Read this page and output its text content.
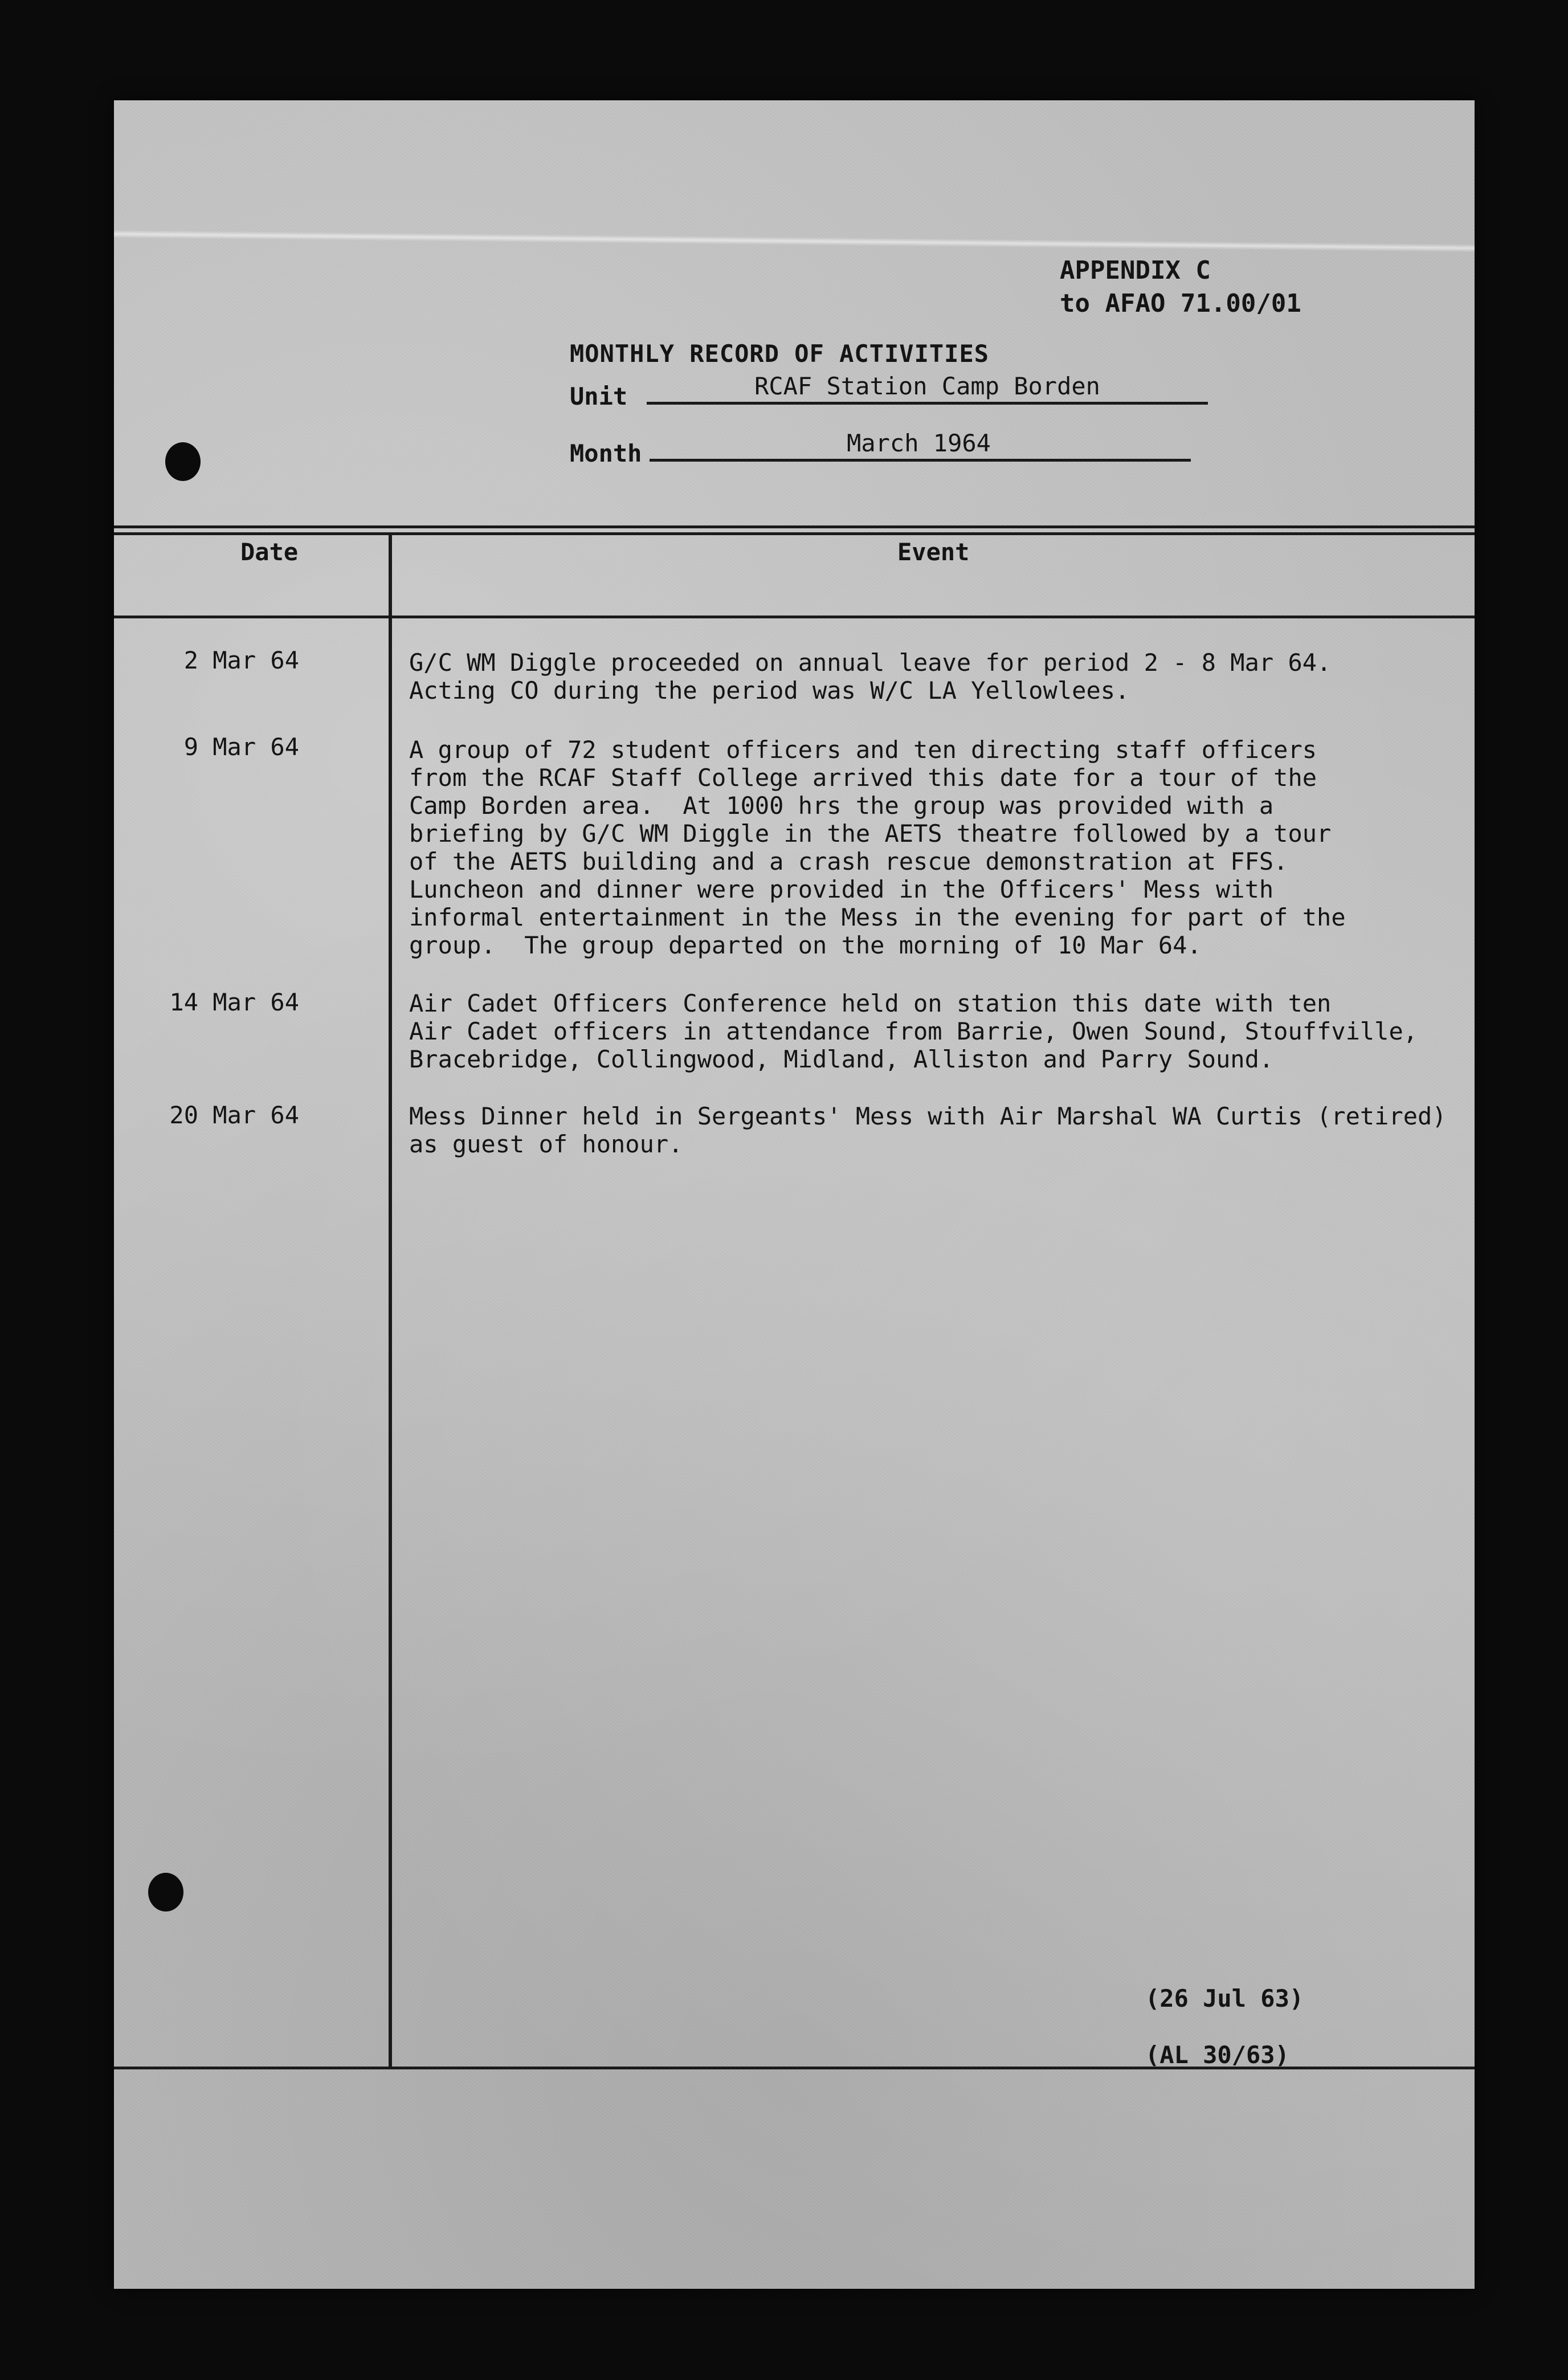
APPENDIX C
to AFAO 71.00/01
MONTHLY RECORD OF ACTIVITIES
Unit	RCAF Station Camp Borden
Month	March 1964
Date	Event
2 Mar 64	G/C WM Diggle proceeded on annual leave for period 2 - 8 Mar 64.
Acting CO during the period was W/C LA Yellowlees.
9 Mar 64	A group of 72 student officers and ten directing staff officers
from the RCAF Staff College arrived this date for a tour of the
Camp Borden area.  At 1000 hrs the group was provided with a
briefing by G/C WM Diggle in the AETS theatre followed by a tour
of the AETS building and a crash rescue demonstration at FFS.
Luncheon and dinner were provided in the Officers' Mess with
informal entertainment in the Mess in the evening for part of the
group.  The group departed on the morning of 10 Mar 64.
14 Mar 64	Air Cadet Officers Conference held on station this date with ten
Air Cadet officers in attendance from Barrie, Owen Sound, Stouffville,
Bracebridge, Collingwood, Midland, Alliston and Parry Sound.
20 Mar 64	Mess Dinner held in Sergeants' Mess with Air Marshal WA Curtis (retired)
as guest of honour.
(26 Jul 63)
(AL 30/63)
